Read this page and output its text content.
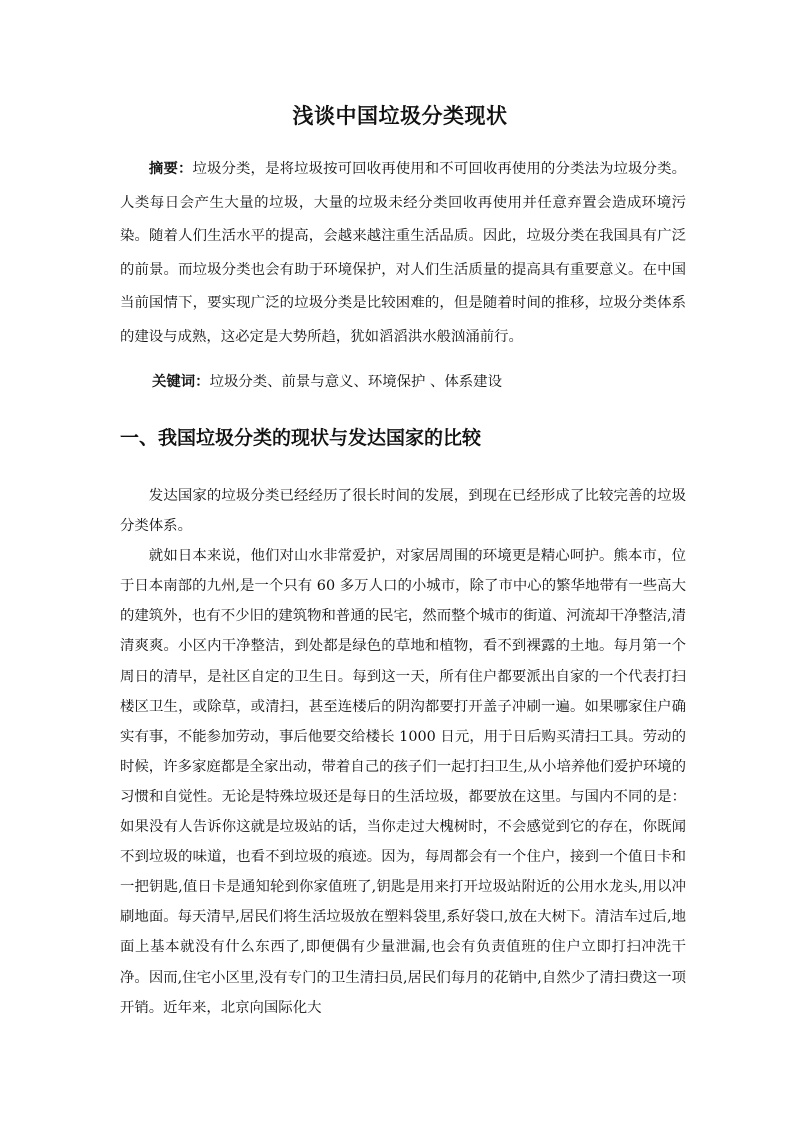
浅谈中国垃圾分类现状

摘要：垃圾分类，是将垃圾按可回收再使用和不可回收再使用的分类法为垃圾分类。人类每日会产生大量的垃圾，大量的垃圾未经分类回收再使用并任意弃置会造成环境污染。随着人们生活水平的提高，会越来越注重生活品质。因此，垃圾分类在我国具有广泛的前景。而垃圾分类也会有助于环境保护，对人们生活质量的提高具有重要意义。在中国当前国情下，要实现广泛的垃圾分类是比较困难的，但是随着时间的推移，垃圾分类体系的建设与成熟，这必定是大势所趋，犹如滔滔洪水般汹涌前行。

关键词：垃圾分类、前景与意义、环境保护 、体系建设
一、我国垃圾分类的现状与发达国家的比较

发达国家的垃圾分类已经经历了很长时间的发展，到现在已经形成了比较完善的垃圾分类体系。

就如日本来说，他们对山水非常爱护，对家居周围的环境更是精心呵护。熊本市，位于日本南部的九州,是一个只有 60 多万人口的小城市，除了市中心的繁华地带有一些高大的建筑外，也有不少旧的建筑物和普通的民宅，然而整个城市的街道、河流却干净整洁,清清爽爽。小区内干净整洁，到处都是绿色的草地和植物，看不到裸露的土地。每月第一个周日的清早，是社区自定的卫生日。每到这一天，所有住户都要派出自家的一个代表打扫楼区卫生，或除草，或清扫，甚至连楼后的阴沟都要打开盖子冲刷一遍。如果哪家住户确实有事，不能参加劳动，事后他要交给楼长 1000 日元，用于日后购买清扫工具。劳动的时候，许多家庭都是全家出动，带着自己的孩子们一起打扫卫生,从小培养他们爱护环境的习惯和自觉性。无论是特殊垃圾还是每日的生活垃圾，都要放在这里。与国内不同的是：如果没有人告诉你这就是垃圾站的话，当你走过大槐树时，不会感觉到它的存在，你既闻不到垃圾的味道，也看不到垃圾的痕迹。因为，每周都会有一个住户，接到一个值日卡和一把钥匙,值日卡是通知轮到你家值班了,钥匙是用来打开垃圾站附近的公用水龙头,用以冲刷地面。每天清早,居民们将生活垃圾放在塑料袋里,系好袋口,放在大树下。清洁车过后,地面上基本就没有什么东西了,即便偶有少量泄漏,也会有负责值班的住户立即打扫冲洗干净。因而,住宅小区里,没有专门的卫生清扫员,居民们每月的花销中,自然少了清扫费这一项开销。近年来，北京向国际化大
